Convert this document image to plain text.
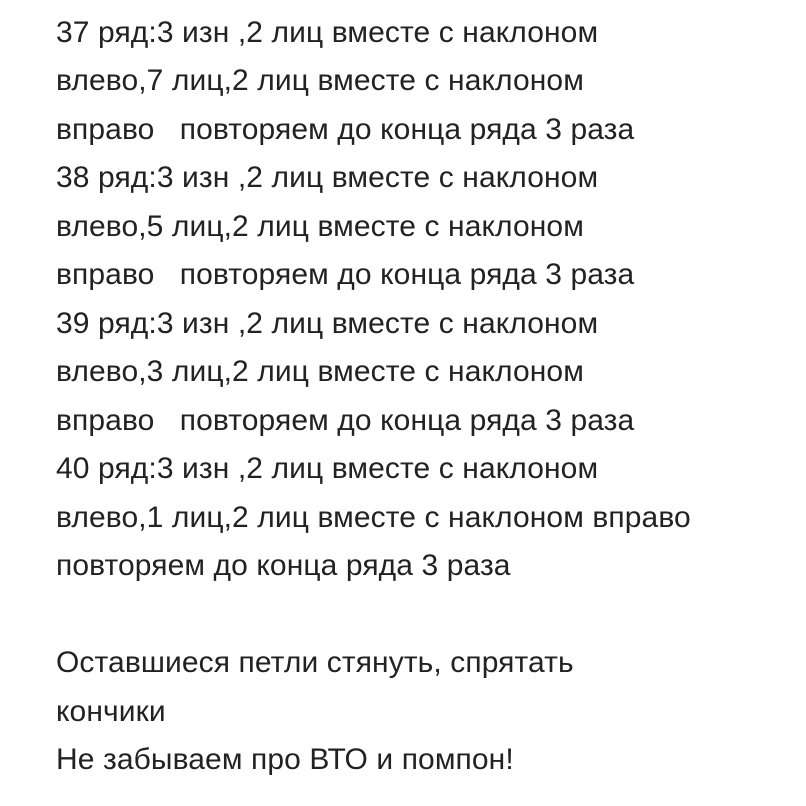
37 ряд:3 изн ,2 лиц вместе с наклоном
влево,7 лиц,2 лиц вместе с наклоном
вправо   повторяем до конца ряда 3 раза
38 ряд:3 изн ,2 лиц вместе с наклоном
влево,5 лиц,2 лиц вместе с наклоном
вправо   повторяем до конца ряда 3 раза
39 ряд:3 изн ,2 лиц вместе с наклоном
влево,3 лиц,2 лиц вместе с наклоном
вправо   повторяем до конца ряда 3 раза
40 ряд:3 изн ,2 лиц вместе с наклоном
влево,1 лиц,2 лиц вместе с наклоном вправо
повторяем до конца ряда 3 раза
Оставшиеся петли стянуть, спрятать
кончики
Не забываем про ВТО и помпон!
